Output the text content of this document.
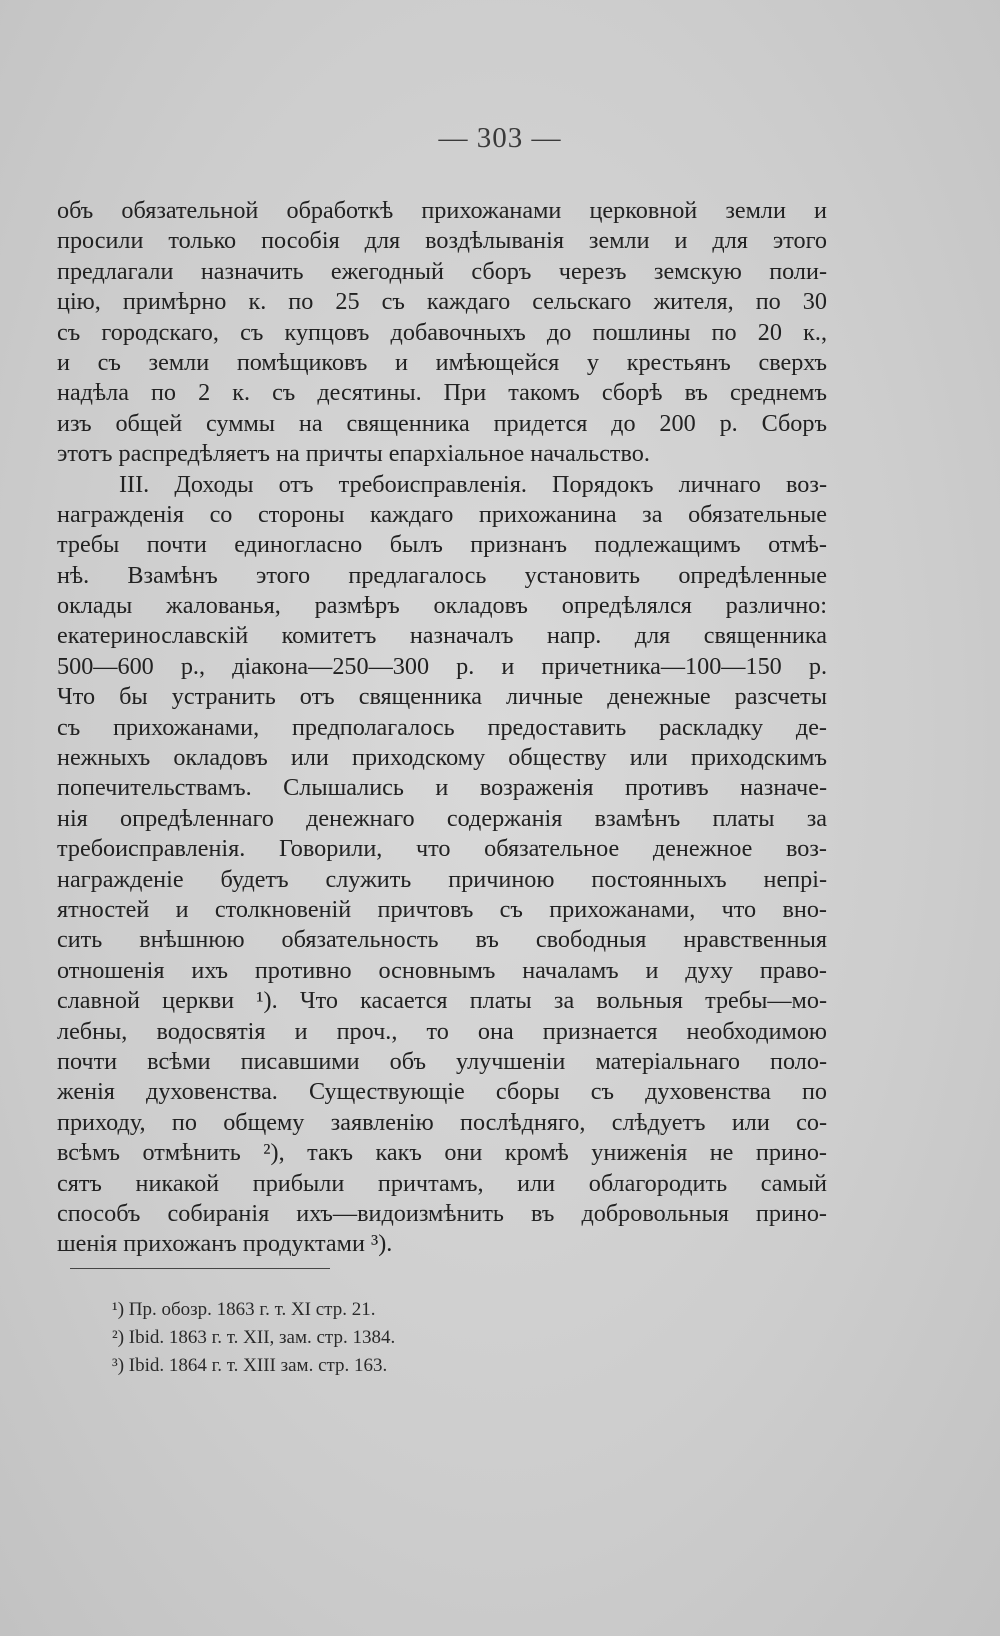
— 303 —
объ обязательной обработкѣ прихожанами церковной земли и
просили только пособія для воздѣлыванія земли и для этого
предлагали назначить ежегодный сборъ черезъ земскую поли-
цію, примѣрно к. по 25 съ каждаго сельскаго жителя, по 30
съ городскаго, съ купцовъ добавочныхъ до пошлины по 20 к.,
и съ земли помѣщиковъ и имѣющейся у крестьянъ сверхъ
надѣла по 2 к. съ десятины. При такомъ сборѣ въ среднемъ
изъ общей суммы на священника придется до 200 р. Сборъ
этотъ распредѣляетъ на причты епархіальное начальство.
III. Доходы отъ требоисправленія. Порядокъ личнаго воз-
награжденія со стороны каждаго прихожанина за обязательные
требы почти единогласно былъ признанъ подлежащимъ отмѣ-
нѣ. Взамѣнъ этого предлагалось установить опредѣленные
оклады жалованья, размѣръ окладовъ опредѣлялся различно:
екатеринославскій комитетъ назначалъ напр. для священника
500—600 р., діакона—250—300 р. и причетника—100—150 р.
Что бы устранить отъ священника личные денежные разсчеты
съ прихожанами, предполагалось предоставить раскладку де-
нежныхъ окладовъ или приходскому обществу или приходскимъ
попечительствамъ. Слышались и возраженія противъ назначе-
нія опредѣленнаго денежнаго содержанія взамѣнъ платы за
требоисправленія. Говорили, что обязательное денежное воз-
награжденіе будетъ служить причиною постоянныхъ непрі-
ятностей и столкновеній причтовъ съ прихожанами, что вно-
сить внѣшнюю обязательность въ свободныя нравственныя
отношенія ихъ противно основнымъ началамъ и духу право-
славной церкви ¹). Что касается платы за вольныя требы—мо-
лебны, водосвятія и проч., то она признается необходимою
почти всѣми писавшими объ улучшеніи матеріальнаго поло-
женія духовенства. Существующіе сборы съ духовенства по
приходу, по общему заявленію послѣдняго, слѣдуетъ или со-
всѣмъ отмѣнить ²), такъ какъ они кромѣ униженія не прино-
сятъ никакой прибыли причтамъ, или облагородить самый
способъ собиранія ихъ—видоизмѣнить въ добровольныя прино-
шенія прихожанъ продуктами ³).
¹) Пр. обозр. 1863 г. т. XI стр. 21.
²) Ibid. 1863 г. т. XII, зам. стр. 1384.
³) Ibid. 1864 г. т. XIII зам. стр. 163.
